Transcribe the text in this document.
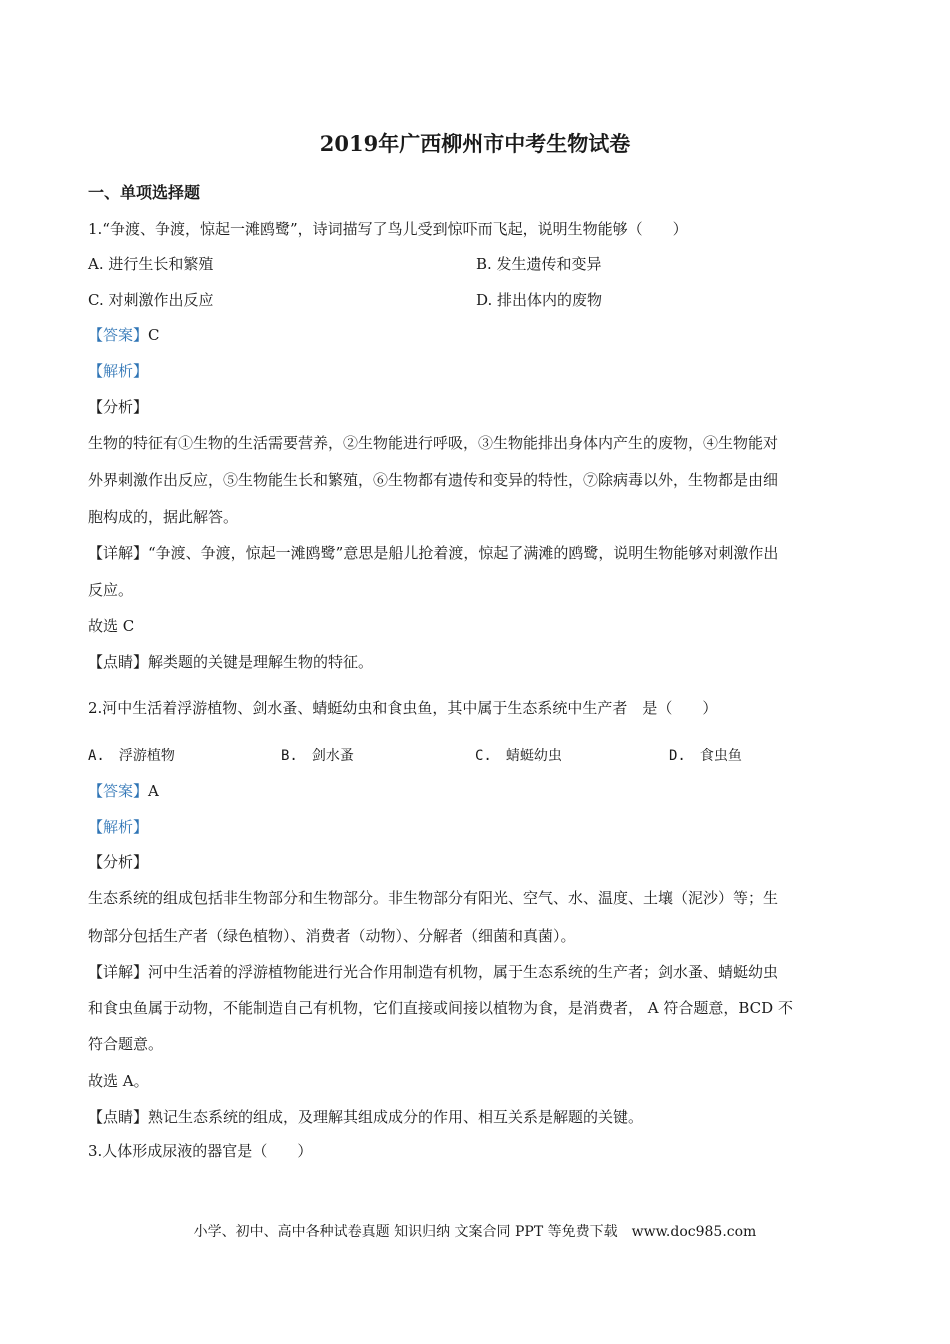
2019年广西柳州市中考生物试卷
一、单项选择题
1.“争渡、争渡，惊起一滩鸥鹭”，诗词描写了鸟儿受到惊吓而飞起，说明生物能够（　　）
A. 进行生长和繁殖	B. 发生遗传和变异
C. 对刺激作出反应	D. 排出体内的废物
【答案】C
【解析】
【分析】
生物的特征有①生物的生活需要营养，②生物能进行呼吸，③生物能排出身体内产生的废物，④生物能对
外界刺激作出反应，⑤生物能生长和繁殖，⑥生物都有遗传和变异的特性，⑦除病毒以外，生物都是由细
胞构成的，据此解答。
【详解】“争渡、争渡，惊起一滩鸥鹭”意思是船儿抢着渡，惊起了满滩的鸥鹭，说明生物能够对刺激作出
反应。
故选 C
【点睛】解类题的关键是理解生物的特征。
2.河中生活着浮游植物、剑水蚤、蜻蜓幼虫和食虫鱼，其中属于生态系统中生产者　是（　　）
A.　浮游植物	B.　剑水蚤	C.　蜻蜓幼虫	D.　食虫鱼
【答案】A
【解析】
【分析】
生态系统的组成包括非生物部分和生物部分。非生物部分有阳光、空气、水、温度、土壤（泥沙）等；生
物部分包括生产者（绿色植物）、消费者（动物）、分解者（细菌和真菌）。
【详解】河中生活着的浮游植物能进行光合作用制造有机物，属于生态系统的生产者；剑水蚤、蜻蜓幼虫
和食虫鱼属于动物，不能制造自己有机物，它们直接或间接以植物为食，是消费者， A 符合题意，BCD 不
符合题意。
故选 A。
【点睛】熟记生态系统的组成，及理解其组成成分的作用、相互关系是解题的关键。
3.人体形成尿液的器官是（　　）
小学、初中、高中各种试卷真题 知识归纳 文案合同 PPT 等免费下载　www.doc985.com
